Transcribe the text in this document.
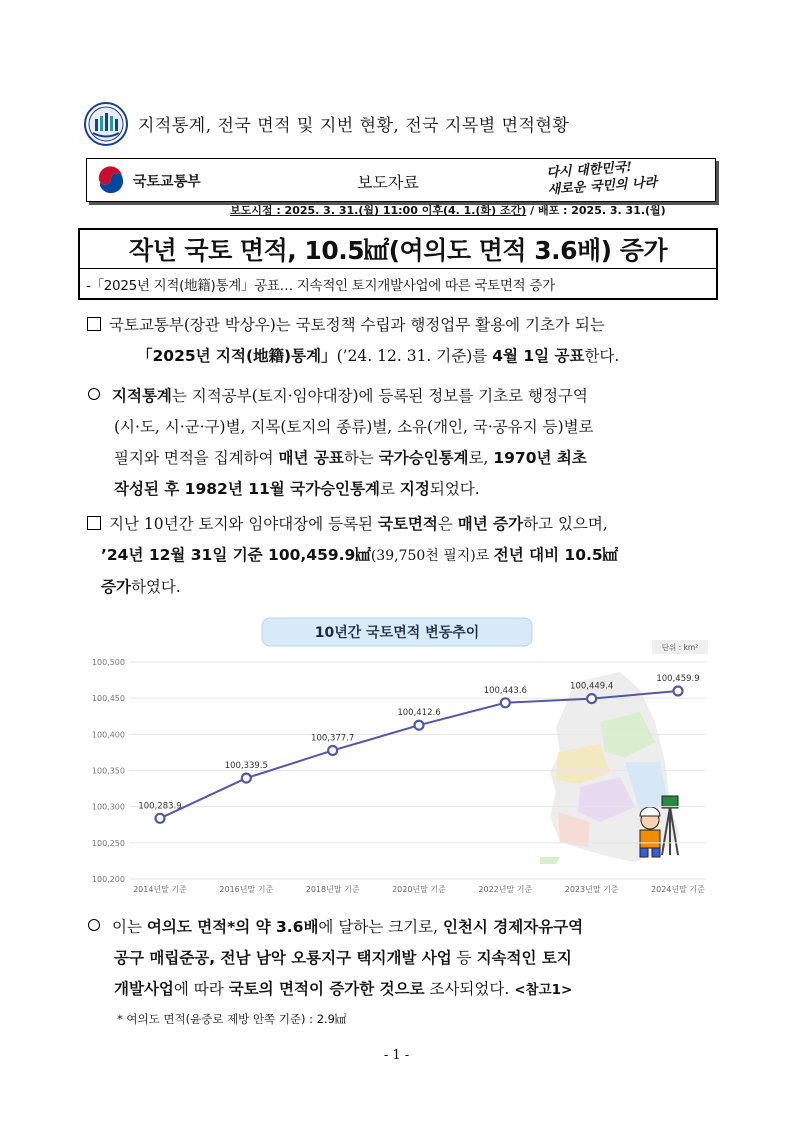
지적통계, 전국 면적 및 지번 현황, 전국 지목별 면적현황
국토교통부	보도자료
다시 대한민국!
새로운 국민의 나라
보도시점 : 2025. 3. 31.(월) 11:00 이후(4. 1.(화) 조간) / 배포 : 2025. 3. 31.(월)
작년 국토 면적, 10.5㎢(여의도 면적 3.6배) 증가
-「2025년 지적(地籍)통계」공표… 지속적인 토지개발사업에 따른 국토면적 증가
국토교통부(장관 박상우)는 국토정책 수립과 행정업무 활용에 기초가 되는
「2025년 지적(地籍)통계」(’24. 12. 31. 기준)를 4월 1일 공표한다.
지적통계는 지적공부(토지·임야대장)에 등록된 정보를 기초로 행정구역
(시·도, 시·군·구)별, 지목(토지의 종류)별, 소유(개인, 국·공유지 등)별로
필지와 면적을 집계하여 매년 공표하는 국가승인통계로, 1970년 최초
작성된 후 1982년 11월 국가승인통계로 지정되었다.
지난 10년간 토지와 임야대장에 등록된 국토면적은 매년 증가하고 있으며,
’24년 12월 31일 기준 100,459.9㎢(39,750천 필지)로 전년 대비 10.5㎢
증가하였다.
10년간 국토면적 변동추이
단위 : km²
100,200
100,250
100,300
100,350
100,400
100,450
100,500
2014년말 기준	2016년말 기준	2018년말 기준	2020년말 기준	2022년말 기준	2023년말 기준	2024년말 기준
100,283.9
100,339.5
100,377.7
100,412.6
100,443.6	100,449.4
100,459.9
이는 여의도 면적*의 약 3.6배에 달하는 크기로, 인천시 경제자유구역
공구 매립준공, 전남 남악 오룡지구 택지개발 사업 등 지속적인 토지
개발사업에 따라 국토의 면적이 증가한 것으로 조사되었다. <참고1>
* 여의도 면적(윤중로 제방 안쪽 기준) : 2.9㎢
- 1 -
